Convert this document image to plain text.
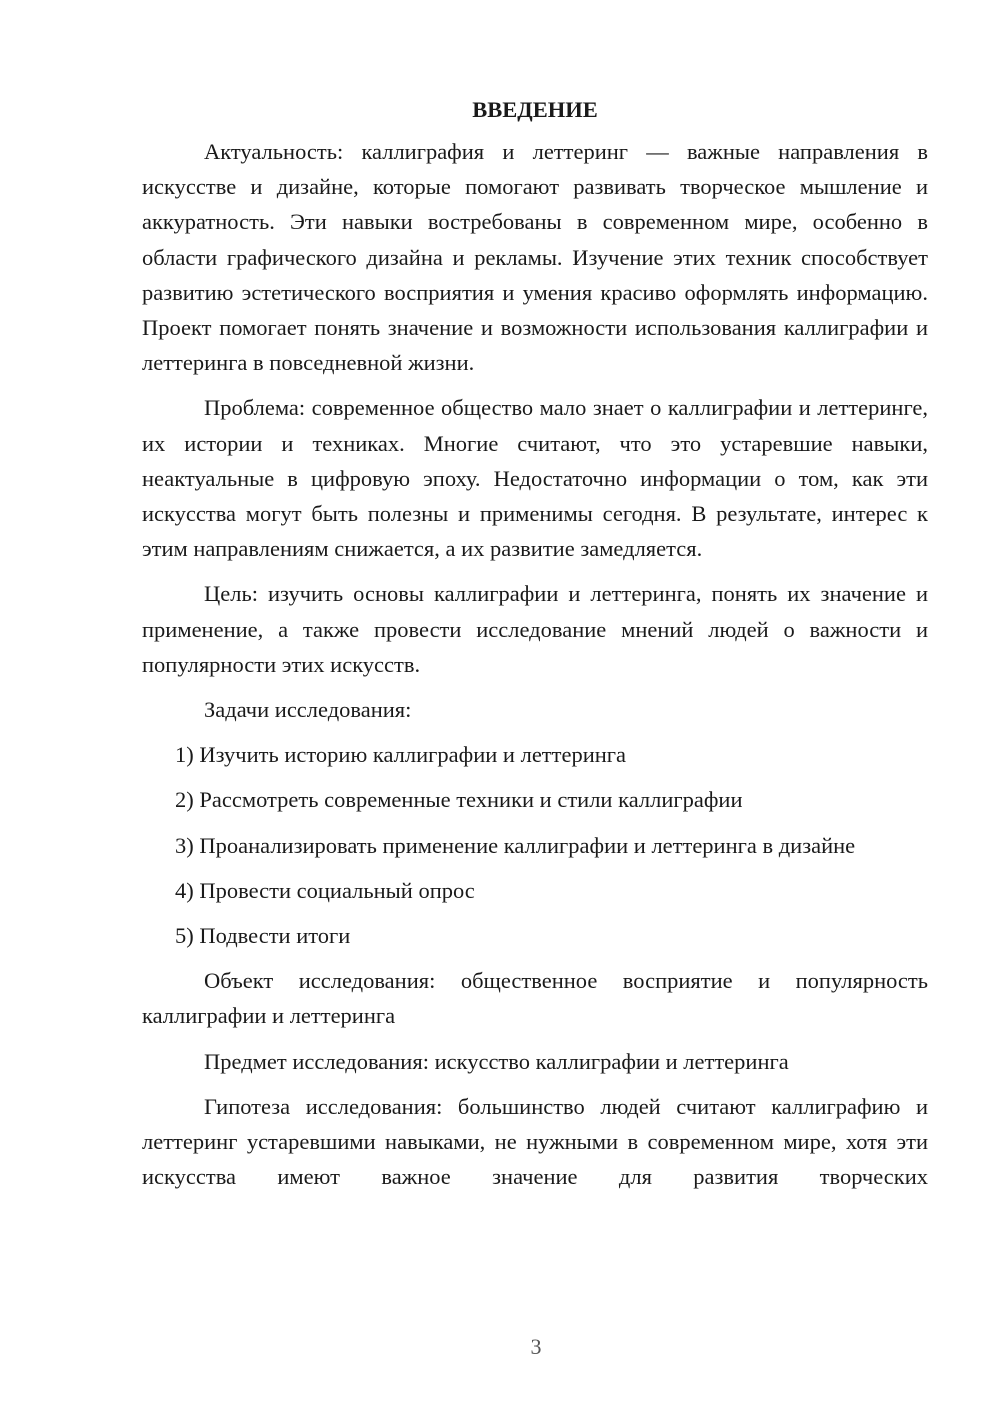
ВВЕДЕНИЕ

Актуальность: каллиграфия и леттеринг — важные направления в искусстве и дизайне, которые помогают развивать творческое мышление и аккуратность. Эти навыки востребованы в современном мире, особенно в области графического дизайна и рекламы. Изучение этих техник способствует развитию эстетического восприятия и умения красиво оформлять информацию. Проект помогает понять значение и возможности использования каллиграфии и леттеринга в повседневной жизни.

Проблема: современное общество мало знает о каллиграфии и леттеринге, их истории и техниках. Многие считают, что это устаревшие навыки, неактуальные в цифровую эпоху. Недостаточно информации о том, как эти искусства могут быть полезны и применимы сегодня. В результате, интерес к этим направлениям снижается, а их развитие замедляется.

Цель: изучить основы каллиграфии и леттеринга, понять их значение и применение, а также провести исследование мнений людей о важности и популярности этих искусств.

Задачи исследования:

1) Изучить историю каллиграфии и леттеринга

2) Рассмотреть современные техники и стили каллиграфии

3) Проанализировать применение каллиграфии и леттеринга в дизайне

4) Провести социальный опрос

5) Подвести итоги

Объект исследования: общественное восприятие и популярность каллиграфии и леттеринга

Предмет исследования: искусство каллиграфии и леттеринга

Гипотеза исследования: большинство людей считают каллиграфию и леттеринг устаревшими навыками, не нужными в современном мире, хотя эти искусства имеют важное значение для развития творческих

3
